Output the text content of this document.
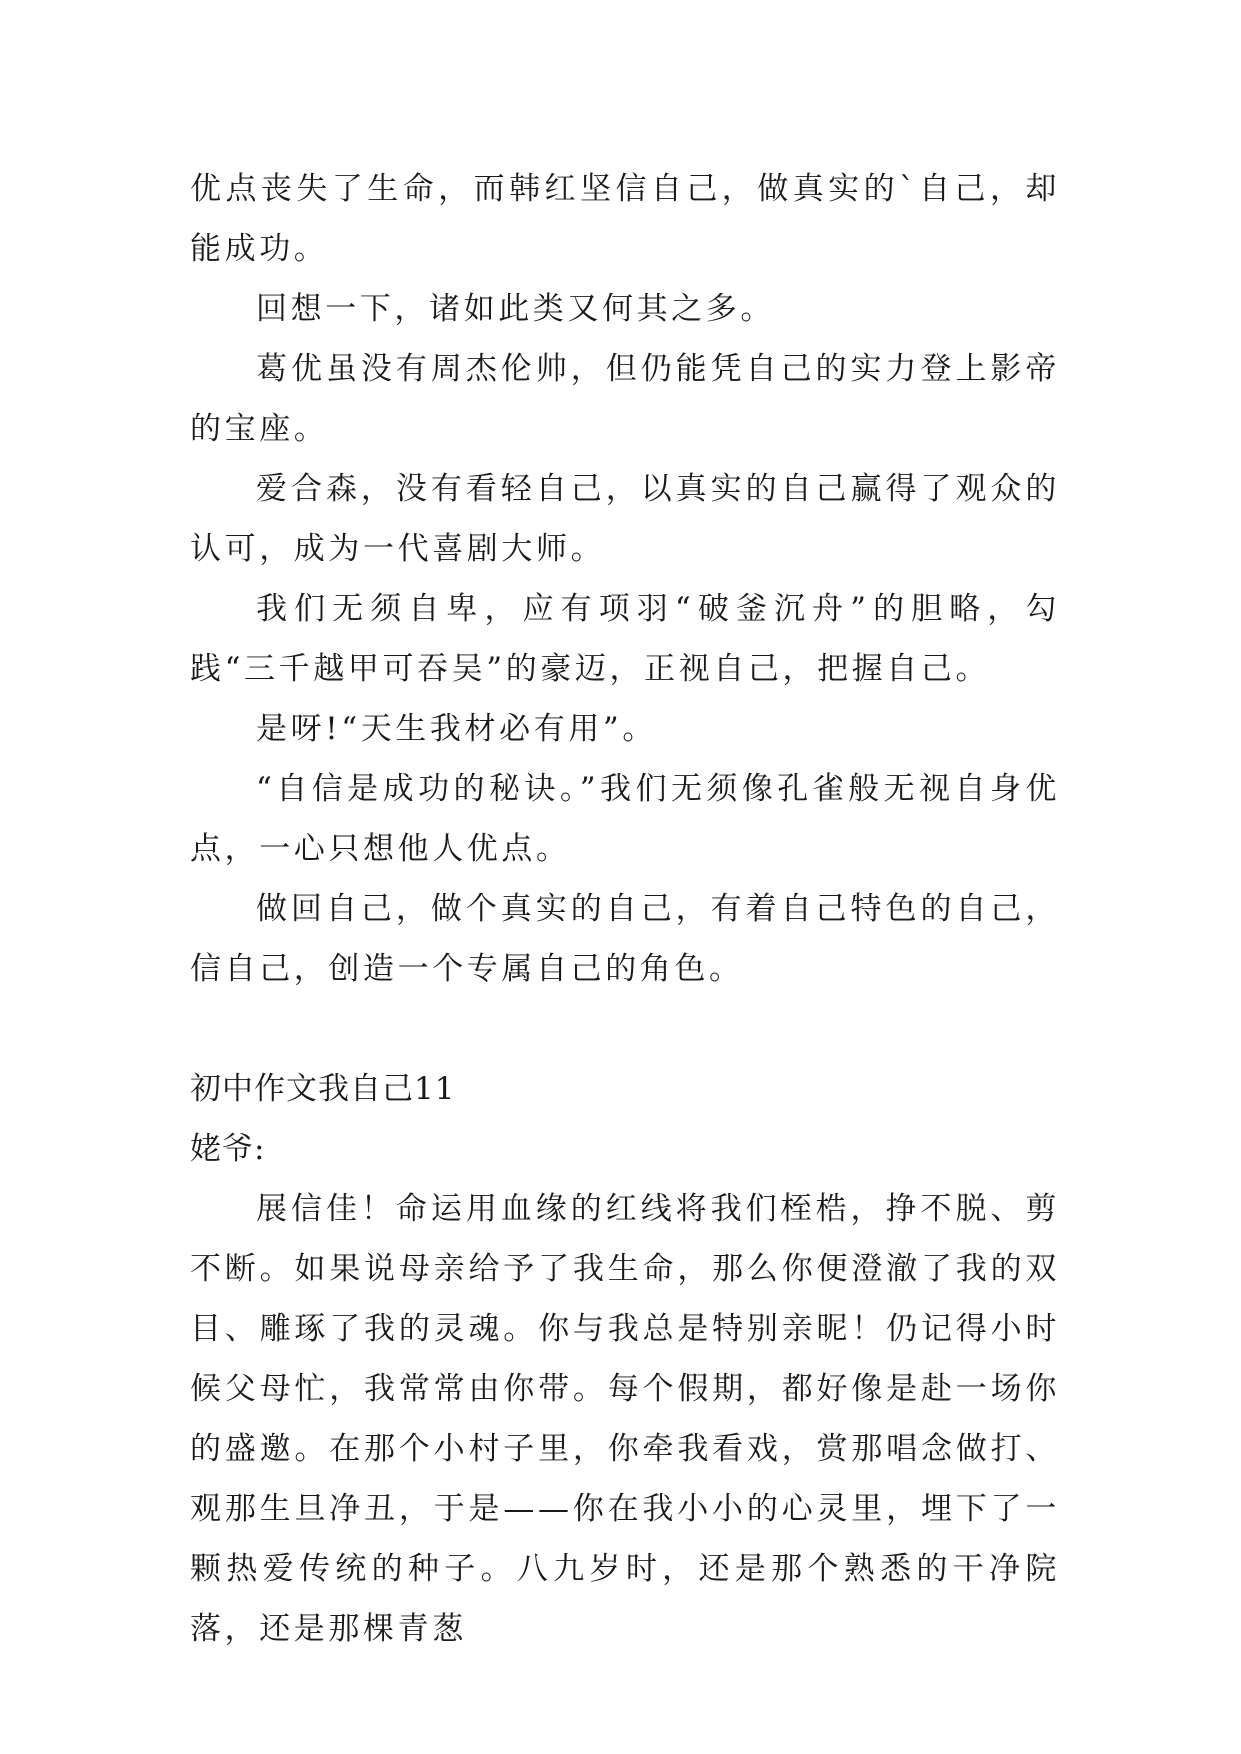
优点丧失了生命，而韩红坚信自己，做真实的`自己，却能成功。

回想一下，诸如此类又何其之多。

葛优虽没有周杰伦帅，但仍能凭自己的实力登上影帝的宝座。

爱合森，没有看轻自己，以真实的自己赢得了观众的认可，成为一代喜剧大师。

我们无须自卑，应有项羽“破釜沉舟”的胆略，勾践“三千越甲可吞吴”的豪迈，正视自己，把握自己。

是呀!“天生我材必有用”。

“自信是成功的秘诀。”我们无须像孔雀般无视自身优点，一心只想他人优点。

做回自己，做个真实的自己，有着自己特色的自己，信自己，创造一个专属自己的角色。

初中作文我自己11

姥爷:

展信佳！命运用血缘的红线将我们桎梏，挣不脱、剪不断。如果说母亲给予了我生命，那么你便澄澈了我的双目、雕琢了我的灵魂。你与我总是特别亲昵！仍记得小时候父母忙，我常常由你带。每个假期，都好像是赴一场你的盛邀。在那个小村子里，你牵我看戏，赏那唱念做打、观那生旦净丑，于是——你在我小小的心灵里，埋下了一颗热爱传统的种子。八九岁时，还是那个熟悉的干净院落，还是那棵青葱
